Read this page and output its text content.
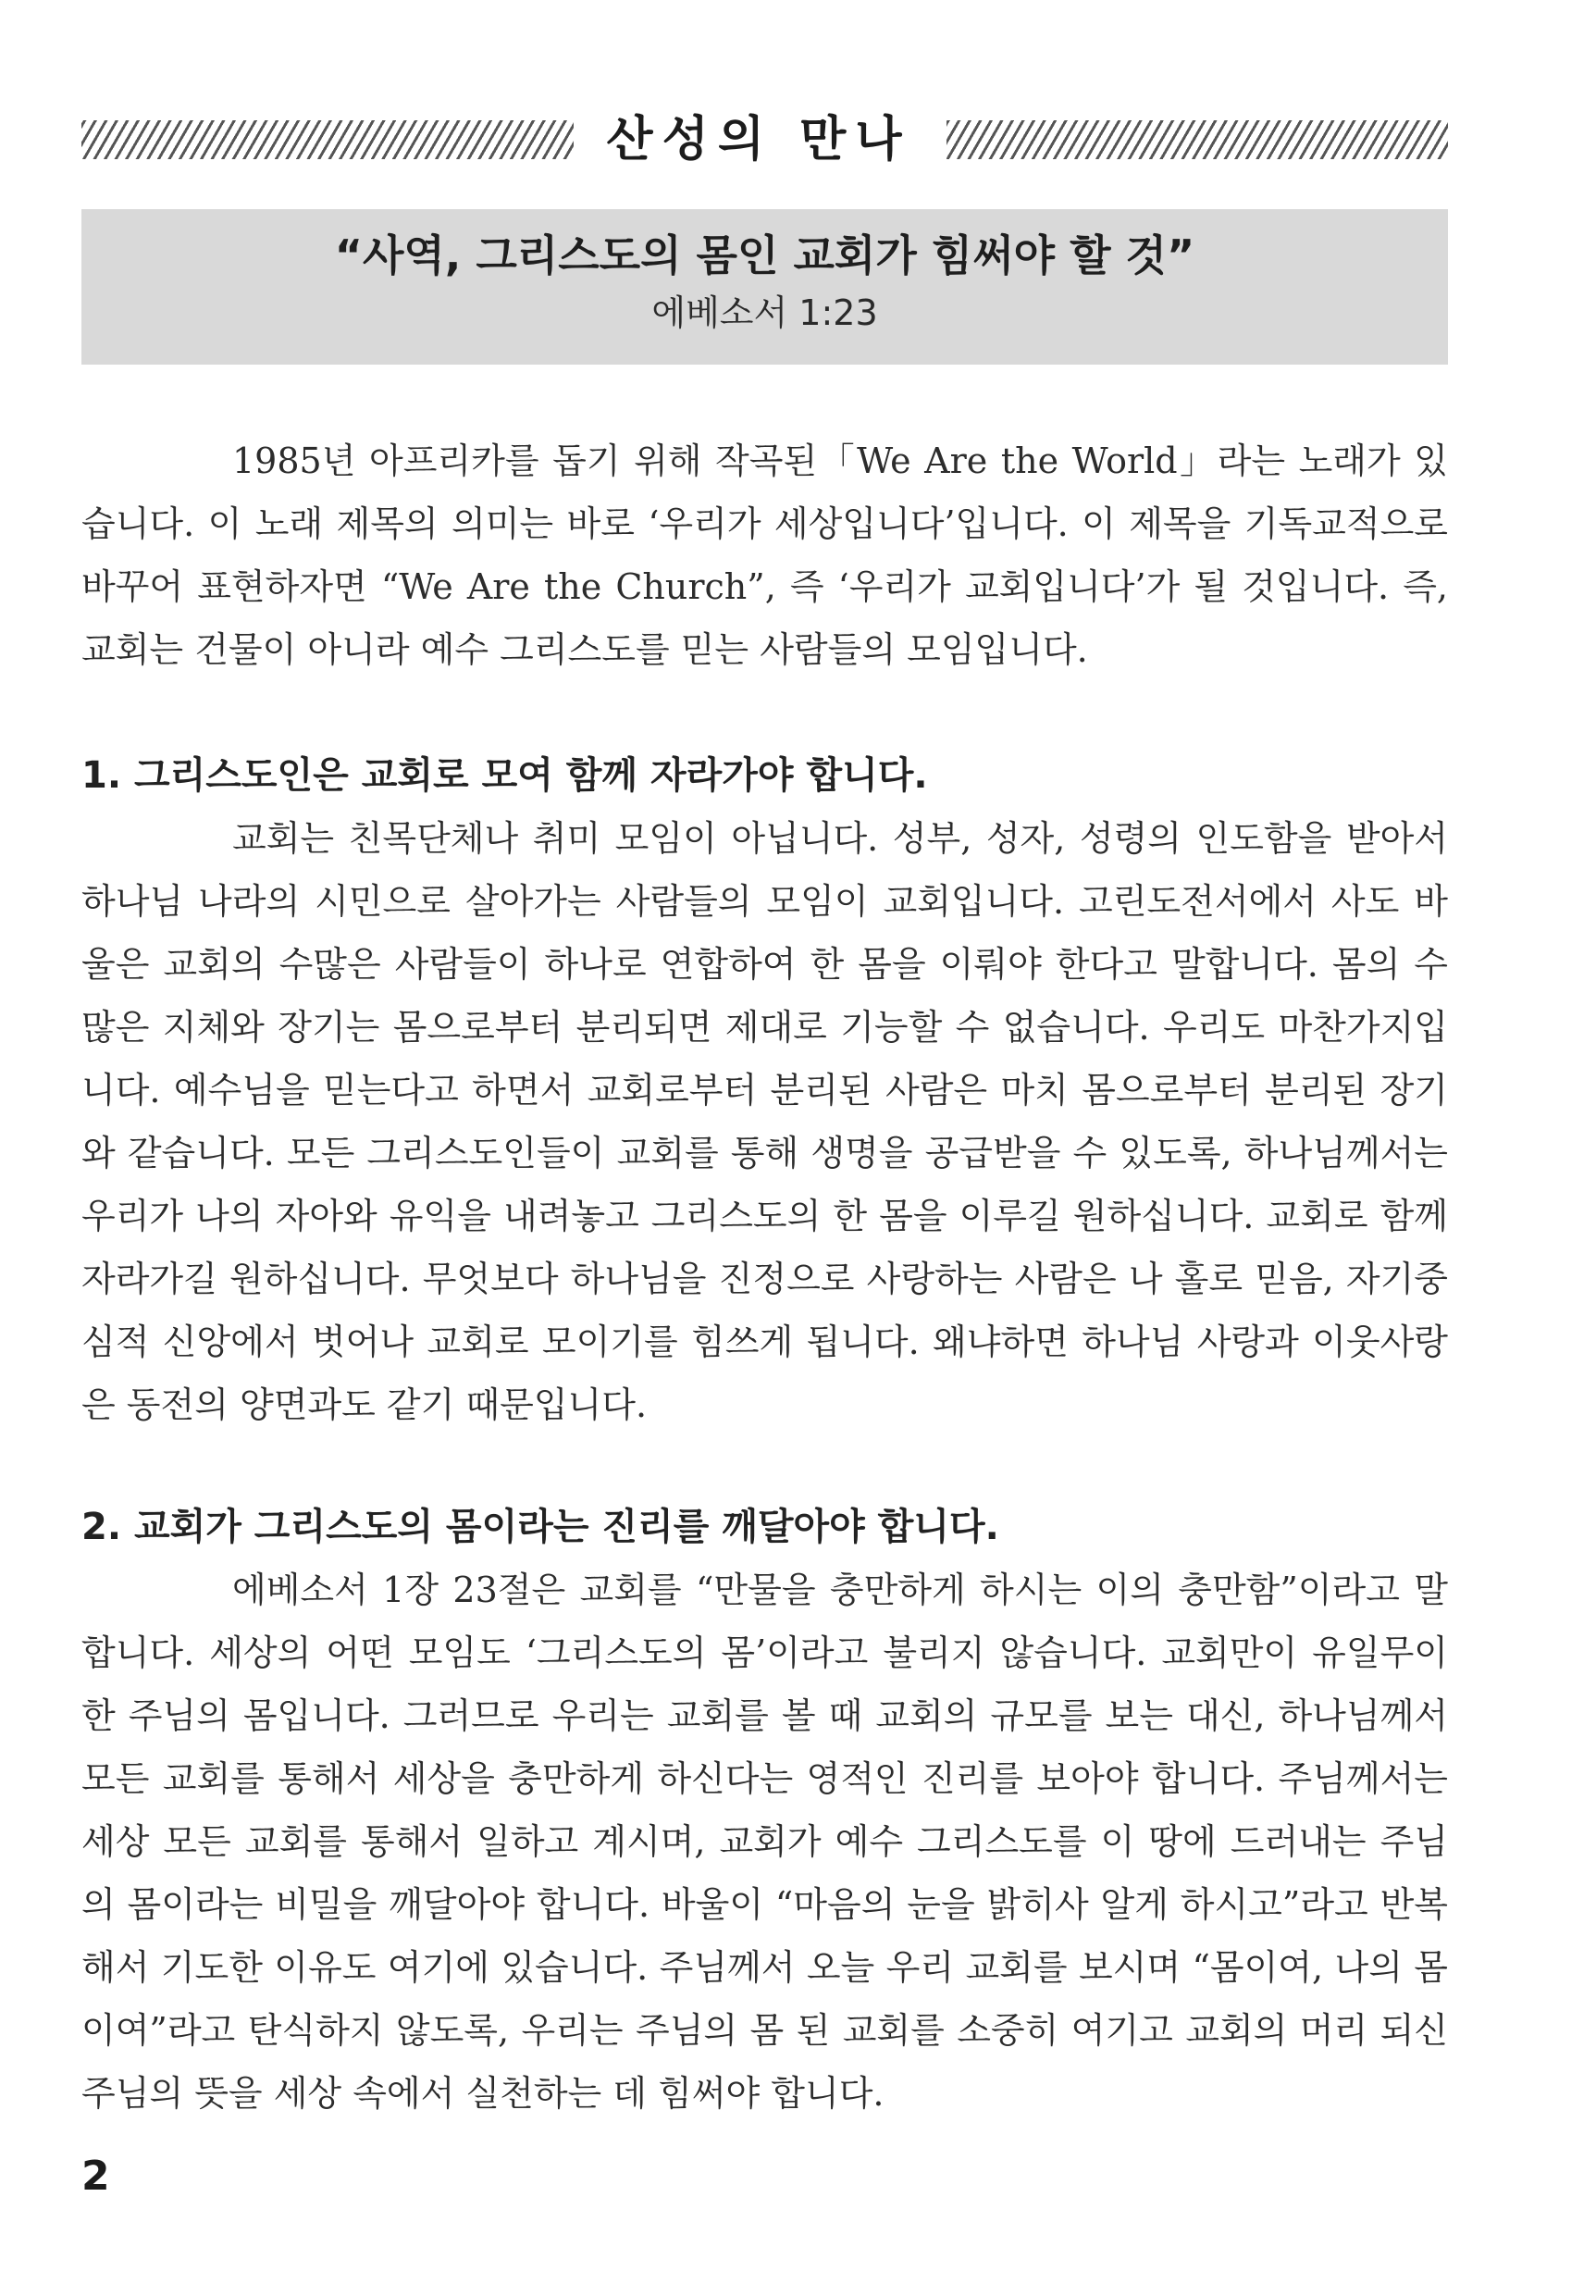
산성의 만나
“사역, 그리스도의 몸인 교회가 힘써야 할 것”

에베소서 1:23

1985년 아프리카를 돕기 위해 작곡된「We Are the World」라는 노래가 있습니다. 이 노래 제목의 의미는 바로 ‘우리가 세상입니다’입니다. 이 제목을 기독교적으로 바꾸어 표현하자면 “We Are the Church”, 즉 ‘우리가 교회입니다’가 될 것입니다. 즉, 교회는 건물이 아니라 예수 그리스도를 믿는 사람들의 모임입니다.

1. 그리스도인은 교회로 모여 함께 자라가야 합니다.

교회는 친목단체나 취미 모임이 아닙니다. 성부, 성자, 성령의 인도함을 받아서 하나님 나라의 시민으로 살아가는 사람들의 모임이 교회입니다. 고린도전서에서 사도 바울은 교회의 수많은 사람들이 하나로 연합하여 한 몸을 이뤄야 한다고 말합니다. 몸의 수많은 지체와 장기는 몸으로부터 분리되면 제대로 기능할 수 없습니다. 우리도 마찬가지입니다. 예수님을 믿는다고 하면서 교회로부터 분리된 사람은 마치 몸으로부터 분리된 장기와 같습니다. 모든 그리스도인들이 교회를 통해 생명을 공급받을 수 있도록, 하나님께서는 우리가 나의 자아와 유익을 내려놓고 그리스도의 한 몸을 이루길 원하십니다. 교회로 함께 자라가길 원하십니다. 무엇보다 하나님을 진정으로 사랑하는 사람은 나 홀로 믿음, 자기중심적 신앙에서 벗어나 교회로 모이기를 힘쓰게 됩니다. 왜냐하면 하나님 사랑과 이웃사랑은 동전의 양면과도 같기 때문입니다.

2. 교회가 그리스도의 몸이라는 진리를 깨달아야 합니다.

에베소서 1장 23절은 교회를 “만물을 충만하게 하시는 이의 충만함”이라고 말합니다. 세상의 어떤 모임도 ‘그리스도의 몸’이라고 불리지 않습니다. 교회만이 유일무이한 주님의 몸입니다. 그러므로 우리는 교회를 볼 때 교회의 규모를 보는 대신, 하나님께서 모든 교회를 통해서 세상을 충만하게 하신다는 영적인 진리를 보아야 합니다. 주님께서는 세상 모든 교회를 통해서 일하고 계시며, 교회가 예수 그리스도를 이 땅에 드러내는 주님의 몸이라는 비밀을 깨달아야 합니다. 바울이 “마음의 눈을 밝히사 알게 하시고”라고 반복해서 기도한 이유도 여기에 있습니다. 주님께서 오늘 우리 교회를 보시며 “몸이여, 나의 몸이여”라고 탄식하지 않도록, 우리는 주님의 몸 된 교회를 소중히 여기고 교회의 머리 되신 주님의 뜻을 세상 속에서 실천하는 데 힘써야 합니다.

2
